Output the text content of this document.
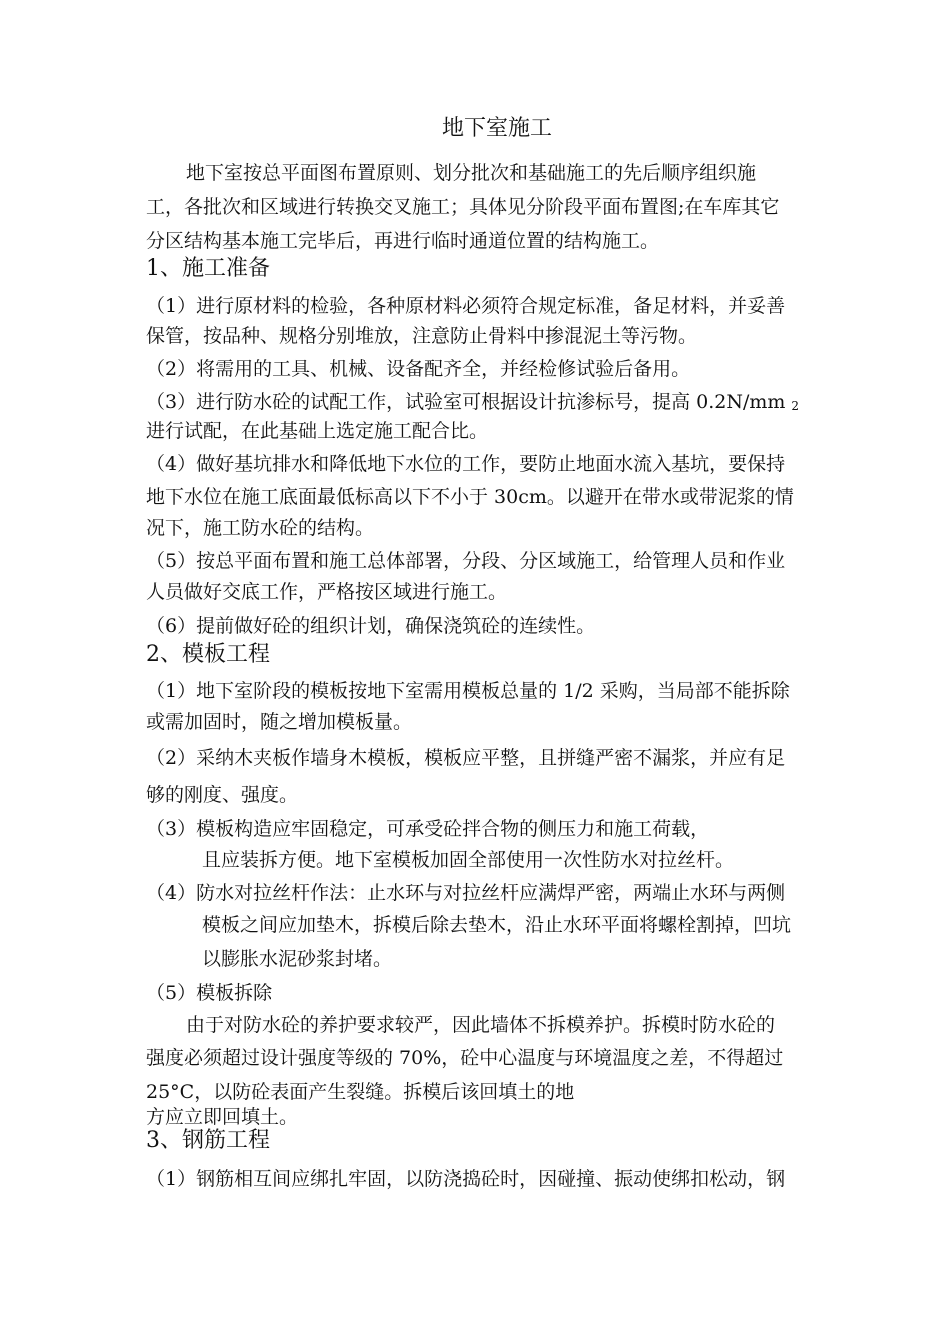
地下室施工
地下室按总平面图布置原则、划分批次和基础施工的先后顺序组织施
工，各批次和区域进行转换交叉施工；具体见分阶段平面布置图;在车库其它
分区结构基本施工完毕后，再进行临时通道位置的结构施工。
1、施工准备
（1）进行原材料的检验，各种原材料必须符合规定标准，备足材料，并妥善
保管，按品种、规格分别堆放，注意防止骨料中掺混泥土等污物。
（2）将需用的工具、机械、设备配齐全，并经检修试验后备用。
（3）进行防水砼的试配工作，试验室可根据设计抗渗标号，提高 0.2N/mm 2
进行试配，在此基础上选定施工配合比。
（4）做好基坑排水和降低地下水位的工作，要防止地面水流入基坑，要保持
地下水位在施工底面最低标高以下不小于 30cm。以避开在带水或带泥浆的情
况下，施工防水砼的结构。
（5）按总平面布置和施工总体部署，分段、分区域施工，给管理人员和作业
人员做好交底工作，严格按区域进行施工。
（6）提前做好砼的组织计划，确保浇筑砼的连续性。
2、模板工程
（1）地下室阶段的模板按地下室需用模板总量的 1/2 采购，当局部不能拆除
或需加固时，随之增加模板量。
（2）采纳木夹板作墙身木模板，模板应平整，且拼缝严密不漏浆，并应有足
够的刚度、强度。
（3）模板构造应牢固稳定，可承受砼拌合物的侧压力和施工荷载，
且应装拆方便。地下室模板加固全部使用一次性防水对拉丝杆。
（4）防水对拉丝杆作法：止水环与对拉丝杆应满焊严密，两端止水环与两侧
模板之间应加垫木，拆模后除去垫木，沿止水环平面将螺栓割掉，凹坑
以膨胀水泥砂浆封堵。
（5）模板拆除
由于对防水砼的养护要求较严，因此墙体不拆模养护。拆模时防水砼的
强度必须超过设计强度等级的 70%，砼中心温度与环境温度之差，不得超过
25°C，以防砼表面产生裂缝。拆模后该回填土的地
方应立即回填土。
3、钢筋工程
（1）钢筋相互间应绑扎牢固，以防浇捣砼时，因碰撞、振动使绑扣松动，钢
